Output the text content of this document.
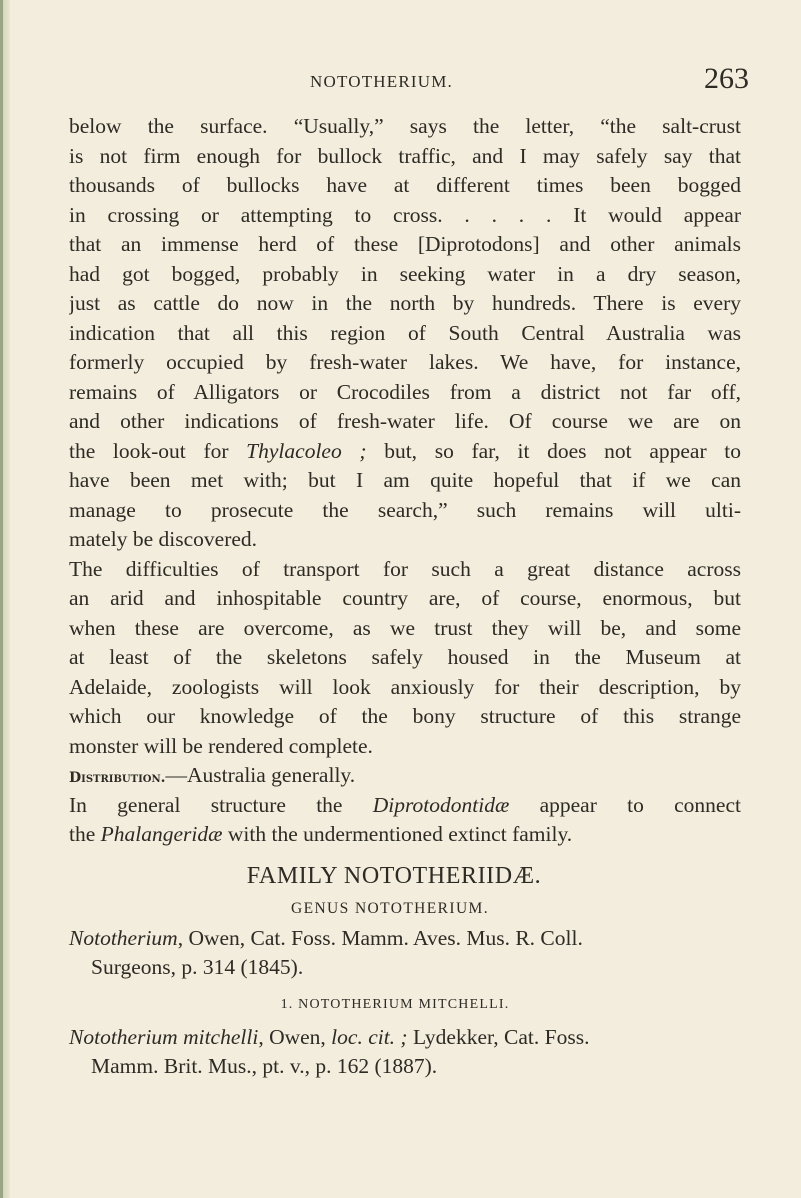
NOTOTHERIUM.	263
below the surface. “Usually,” says the letter, “the salt-crust
is not firm enough for bullock traffic, and I may safely say that
thousands of bullocks have at different times been bogged
in crossing or attempting to cross. . . . . It would appear
that an immense herd of these [Diprotodons] and other animals
had got bogged, probably in seeking water in a dry season,
just as cattle do now in the north by hundreds. There is every
indication that all this region of South Central Australia was
formerly occupied by fresh-water lakes. We have, for instance,
remains of Alligators or Crocodiles from a district not far off,
and other indications of fresh-water life. Of course we are on
the look-out for Thylacoleo ; but, so far, it does not appear to
have been met with; but I am quite hopeful that if we can
manage to prosecute the search,” such remains will ulti-
mately be discovered.
The difficulties of transport for such a great distance across
an arid and inhospitable country are, of course, enormous, but
when these are overcome, as we trust they will be, and some
at least of the skeletons safely housed in the Museum at
Adelaide, zoologists will look anxiously for their description, by
which our knowledge of the bony structure of this strange
monster will be rendered complete.
Distribution.—Australia generally.
In general structure the Diprotodontidæ appear to connect
the Phalangeridæ with the undermentioned extinct family.
FAMILY NOTOTHERIIDÆ.
GENUS NOTOTHERIUM.
Nototherium, Owen, Cat. Foss. Mamm. Aves. Mus. R. Coll.
Surgeons, p. 314 (1845).
1. NOTOTHERIUM MITCHELLI.
Nototherium mitchelli, Owen, loc. cit. ; Lydekker, Cat. Foss.
Mamm. Brit. Mus., pt. v., p. 162 (1887).
